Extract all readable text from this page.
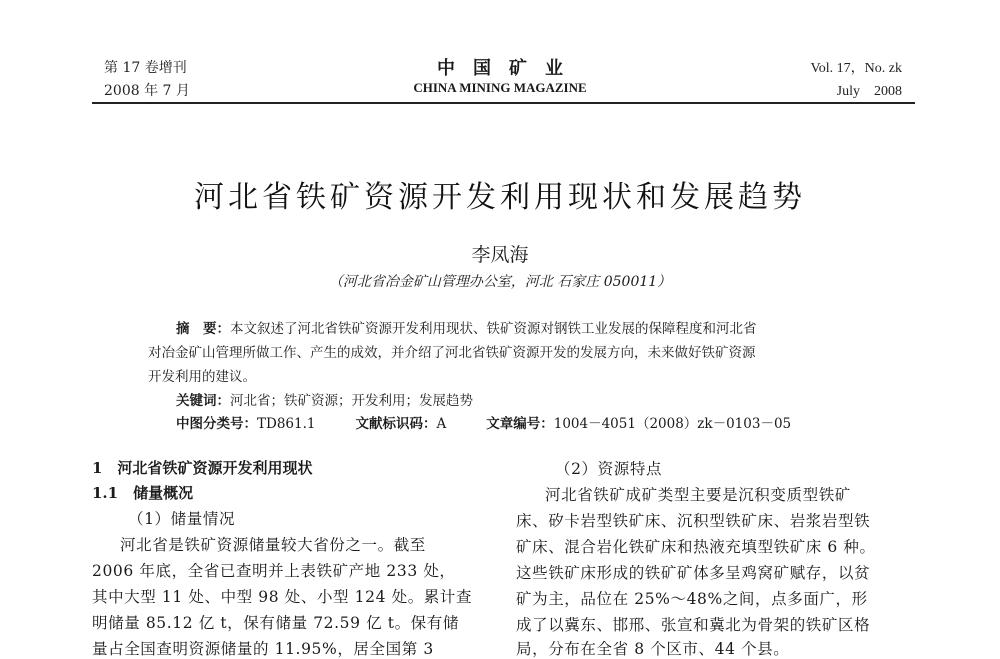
第 17 卷增刊
2008 年 7 月
中　国　矿　业
CHINA MINING MAGAZINE
Vol. 17，No. zk
July　2008
河北省铁矿资源开发利用现状和发展趋势
李凤海
（河北省冶金矿山管理办公室，河北 石家庄 050011）
摘　要：本文叙述了河北省铁矿资源开发利用现状、铁矿资源对钢铁工业发展的保障程度和河北省
对冶金矿山管理所做工作、产生的成效，并介绍了河北省铁矿资源开发的发展方向，未来做好铁矿资源
开发利用的建议。
关键词：河北省；铁矿资源；开发利用；发展趋势
中图分类号：TD861.1	文献标识码：A	文章编号：1004－4051（2008）zk－0103－05
1　河北省铁矿资源开发利用现状
1.1　储量概况
（1）储量情况
河北省是铁矿资源储量较大省份之一。截至
2006 年底，全省已查明并上表铁矿产地 233 处，
其中大型 11 处、中型 98 处、小型 124 处。累计查
明储量 85.12 亿 t，保有储量 72.59 亿 t。保有储
量占全国查明资源储量的 11.95%，居全国第 3
（2）资源特点
河北省铁矿成矿类型主要是沉积变质型铁矿
床、矽卡岩型铁矿床、沉积型铁矿床、岩浆岩型铁
矿床、混合岩化铁矿床和热液充填型铁矿床 6 种。
这些铁矿床形成的铁矿矿体多呈鸡窝矿赋存，以贫
矿为主，品位在 25%～48%之间，点多面广，形
成了以冀东、邯邢、张宣和冀北为骨架的铁矿区格
局，分布在全省 8 个区市、44 个县。
